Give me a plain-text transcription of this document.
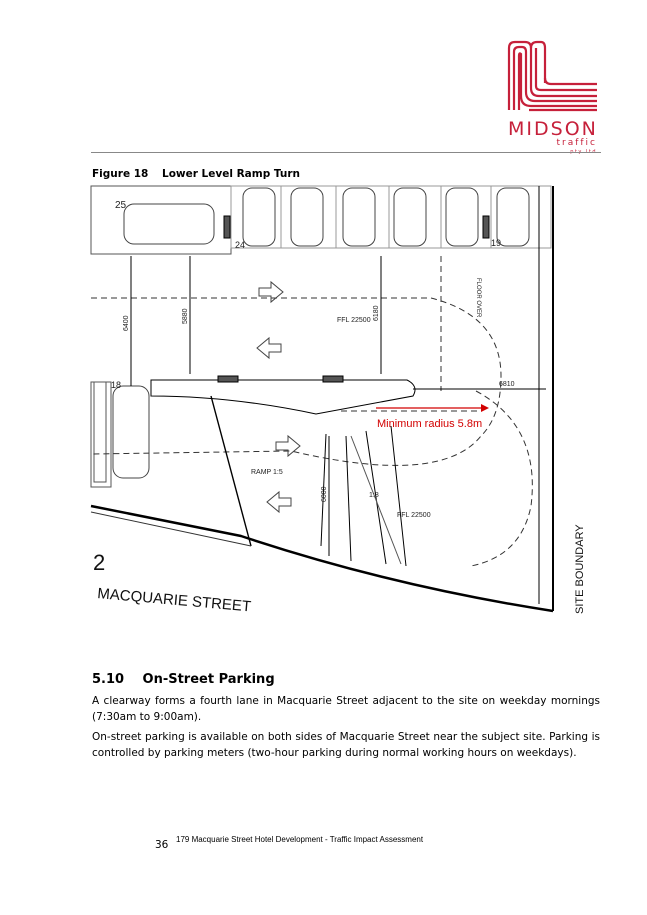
MIDSON
traffic
pty ltd
Figure 18 Lower Level Ramp Turn
25
24	19
18
6400	5880	6180
6810
6000
FFL 22500
FFL 22500
FLOOR OVER
RAMP 1:5
1:8
Minimum radius 5.8m
2
MACQUARIE STREET	SITE BOUNDARY
5.10 On-Street Parking

A clearway forms a fourth lane in Macquarie Street adjacent to the site on weekday mornings (7:30am to 9:00am).

On-street parking is available on both sides of Macquarie Street near the subject site. Parking is controlled by parking meters (two-hour parking during normal working hours on weekdays).

36 179 Macquarie Street Hotel Development - Traffic Impact Assessment
